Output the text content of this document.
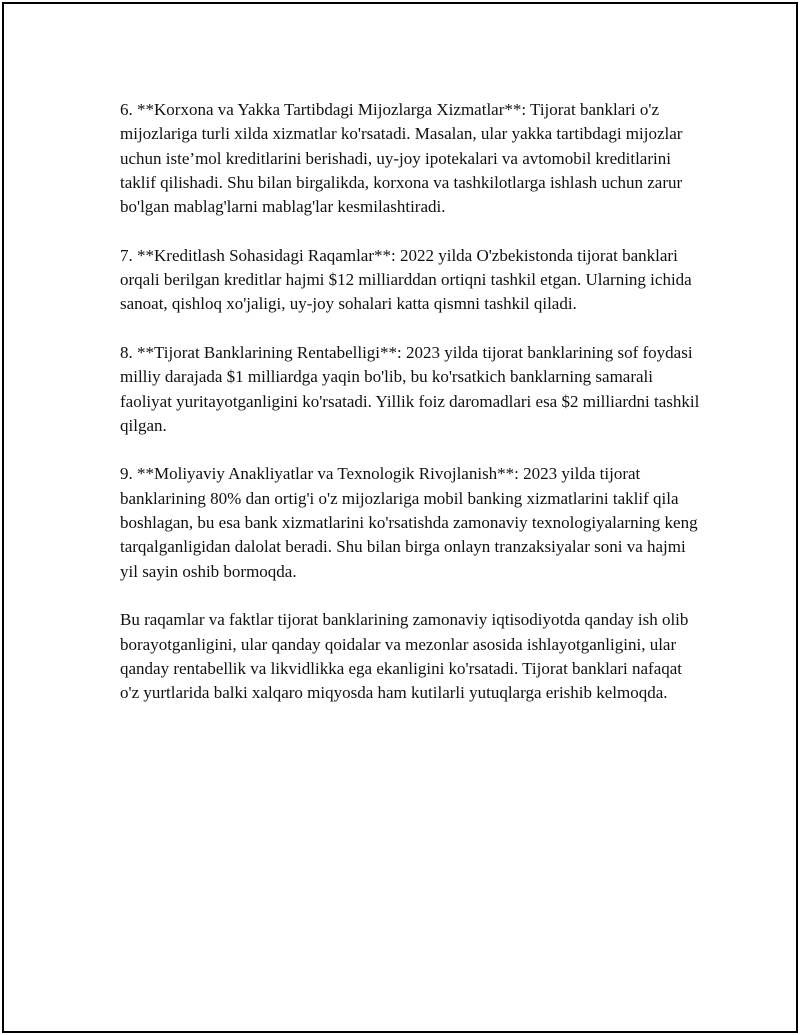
6. **Korxona va Yakka Tartibdagi Mijozlarga Xizmatlar**: Tijorat banklari o'z mijozlariga turli xilda xizmatlar ko'rsatadi. Masalan, ular yakka tartibdagi mijozlar uchun iste’mol kreditlarini berishadi, uy-joy ipotekalari va avtomobil kreditlarini taklif qilishadi. Shu bilan birgalikda, korxona va tashkilotlarga ishlash uchun zarur bo'lgan mablag'larni mablag'lar kesmilashtiradi.

7. **Kreditlash Sohasidagi Raqamlar**: 2022 yilda O'zbekistonda tijorat banklari orqali berilgan kreditlar hajmi $12 milliarddan ortiqni tashkil etgan. Ularning ichida sanoat, qishloq xo'jaligi, uy-joy sohalari katta qismni tashkil qiladi.

8. **Tijorat Banklarining Rentabelligi**: 2023 yilda tijorat banklarining sof foydasi milliy darajada $1 milliardga yaqin bo'lib, bu ko'rsatkich banklarning samarali faoliyat yuritayotganligini ko'rsatadi. Yillik foiz daromadlari esa $2 milliardni tashkil qilgan.

9. **Moliyaviy Anakliyatlar va Texnologik Rivojlanish**: 2023 yilda tijorat banklarining 80% dan ortig'i o'z mijozlariga mobil banking xizmatlarini taklif qila boshlagan, bu esa bank xizmatlarini ko'rsatishda zamonaviy texnologiyalarning keng tarqalganligidan dalolat beradi. Shu bilan birga onlayn tranzaksiyalar soni va hajmi yil sayin oshib bormoqda.

Bu raqamlar va faktlar tijorat banklarining zamonaviy iqtisodiyotda qanday ish olib borayotganligini, ular qanday qoidalar va mezonlar asosida ishlayotganligini, ular qanday rentabellik va likvidlikka ega ekanligini ko'rsatadi. Tijorat banklari nafaqat o'z yurtlarida balki xalqaro miqyosda ham kutilarli yutuqlarga erishib kelmoqda.
